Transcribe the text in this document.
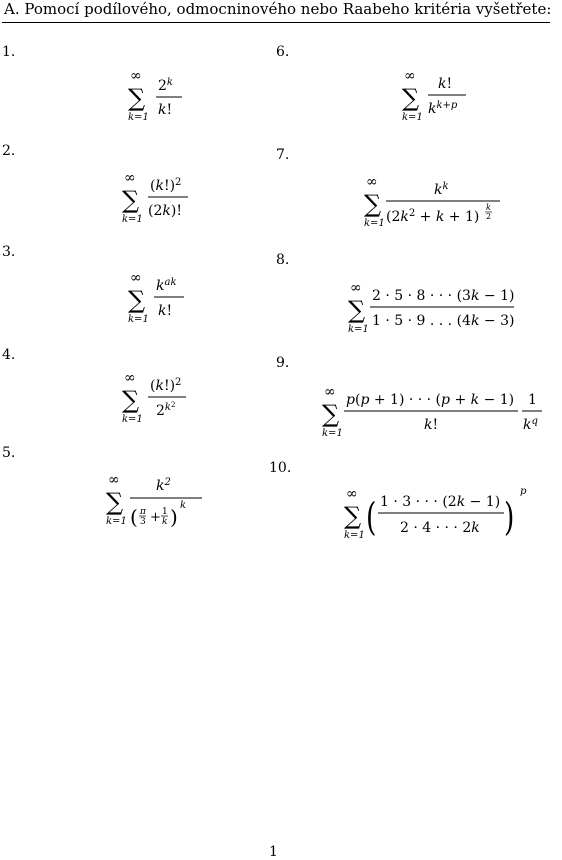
A. Pomocí podílového, odmocninového nebo Raabeho kritéria vyšetřete:
1.
2.
3.
4.
5.
6.
7.
8.
9.
10.
∞
∑
k=1
2$^k$
k!
∞
∑
k=1
$(k!)^2$
(2k)!
∞
∑
k=1
$k^{ak}$
k!
∞
∑
k=1
$(k!)^2$
$2^{k2}$
∞
∑
k=1
$k^2$
( π
3 + 1
k ) k
∞
∑
k=1
k!
$k^{k+p}$
∞
∑
k=1
$k^k$
$(2k^2 + k + 1)$
k
2
∞
∑
k=1
2 · 5 · 8 · · · (3k − 1)
1 · 5 · 9 . . . (4k − 3)
∞
∑
k=1
p(p + 1) · · · (p + k − 1)
k!
1
$k^q$
∞
∑
k=1 ( 1 · 3 · · · (2k − 1)
2 · 4 · · · 2k )
p
1
